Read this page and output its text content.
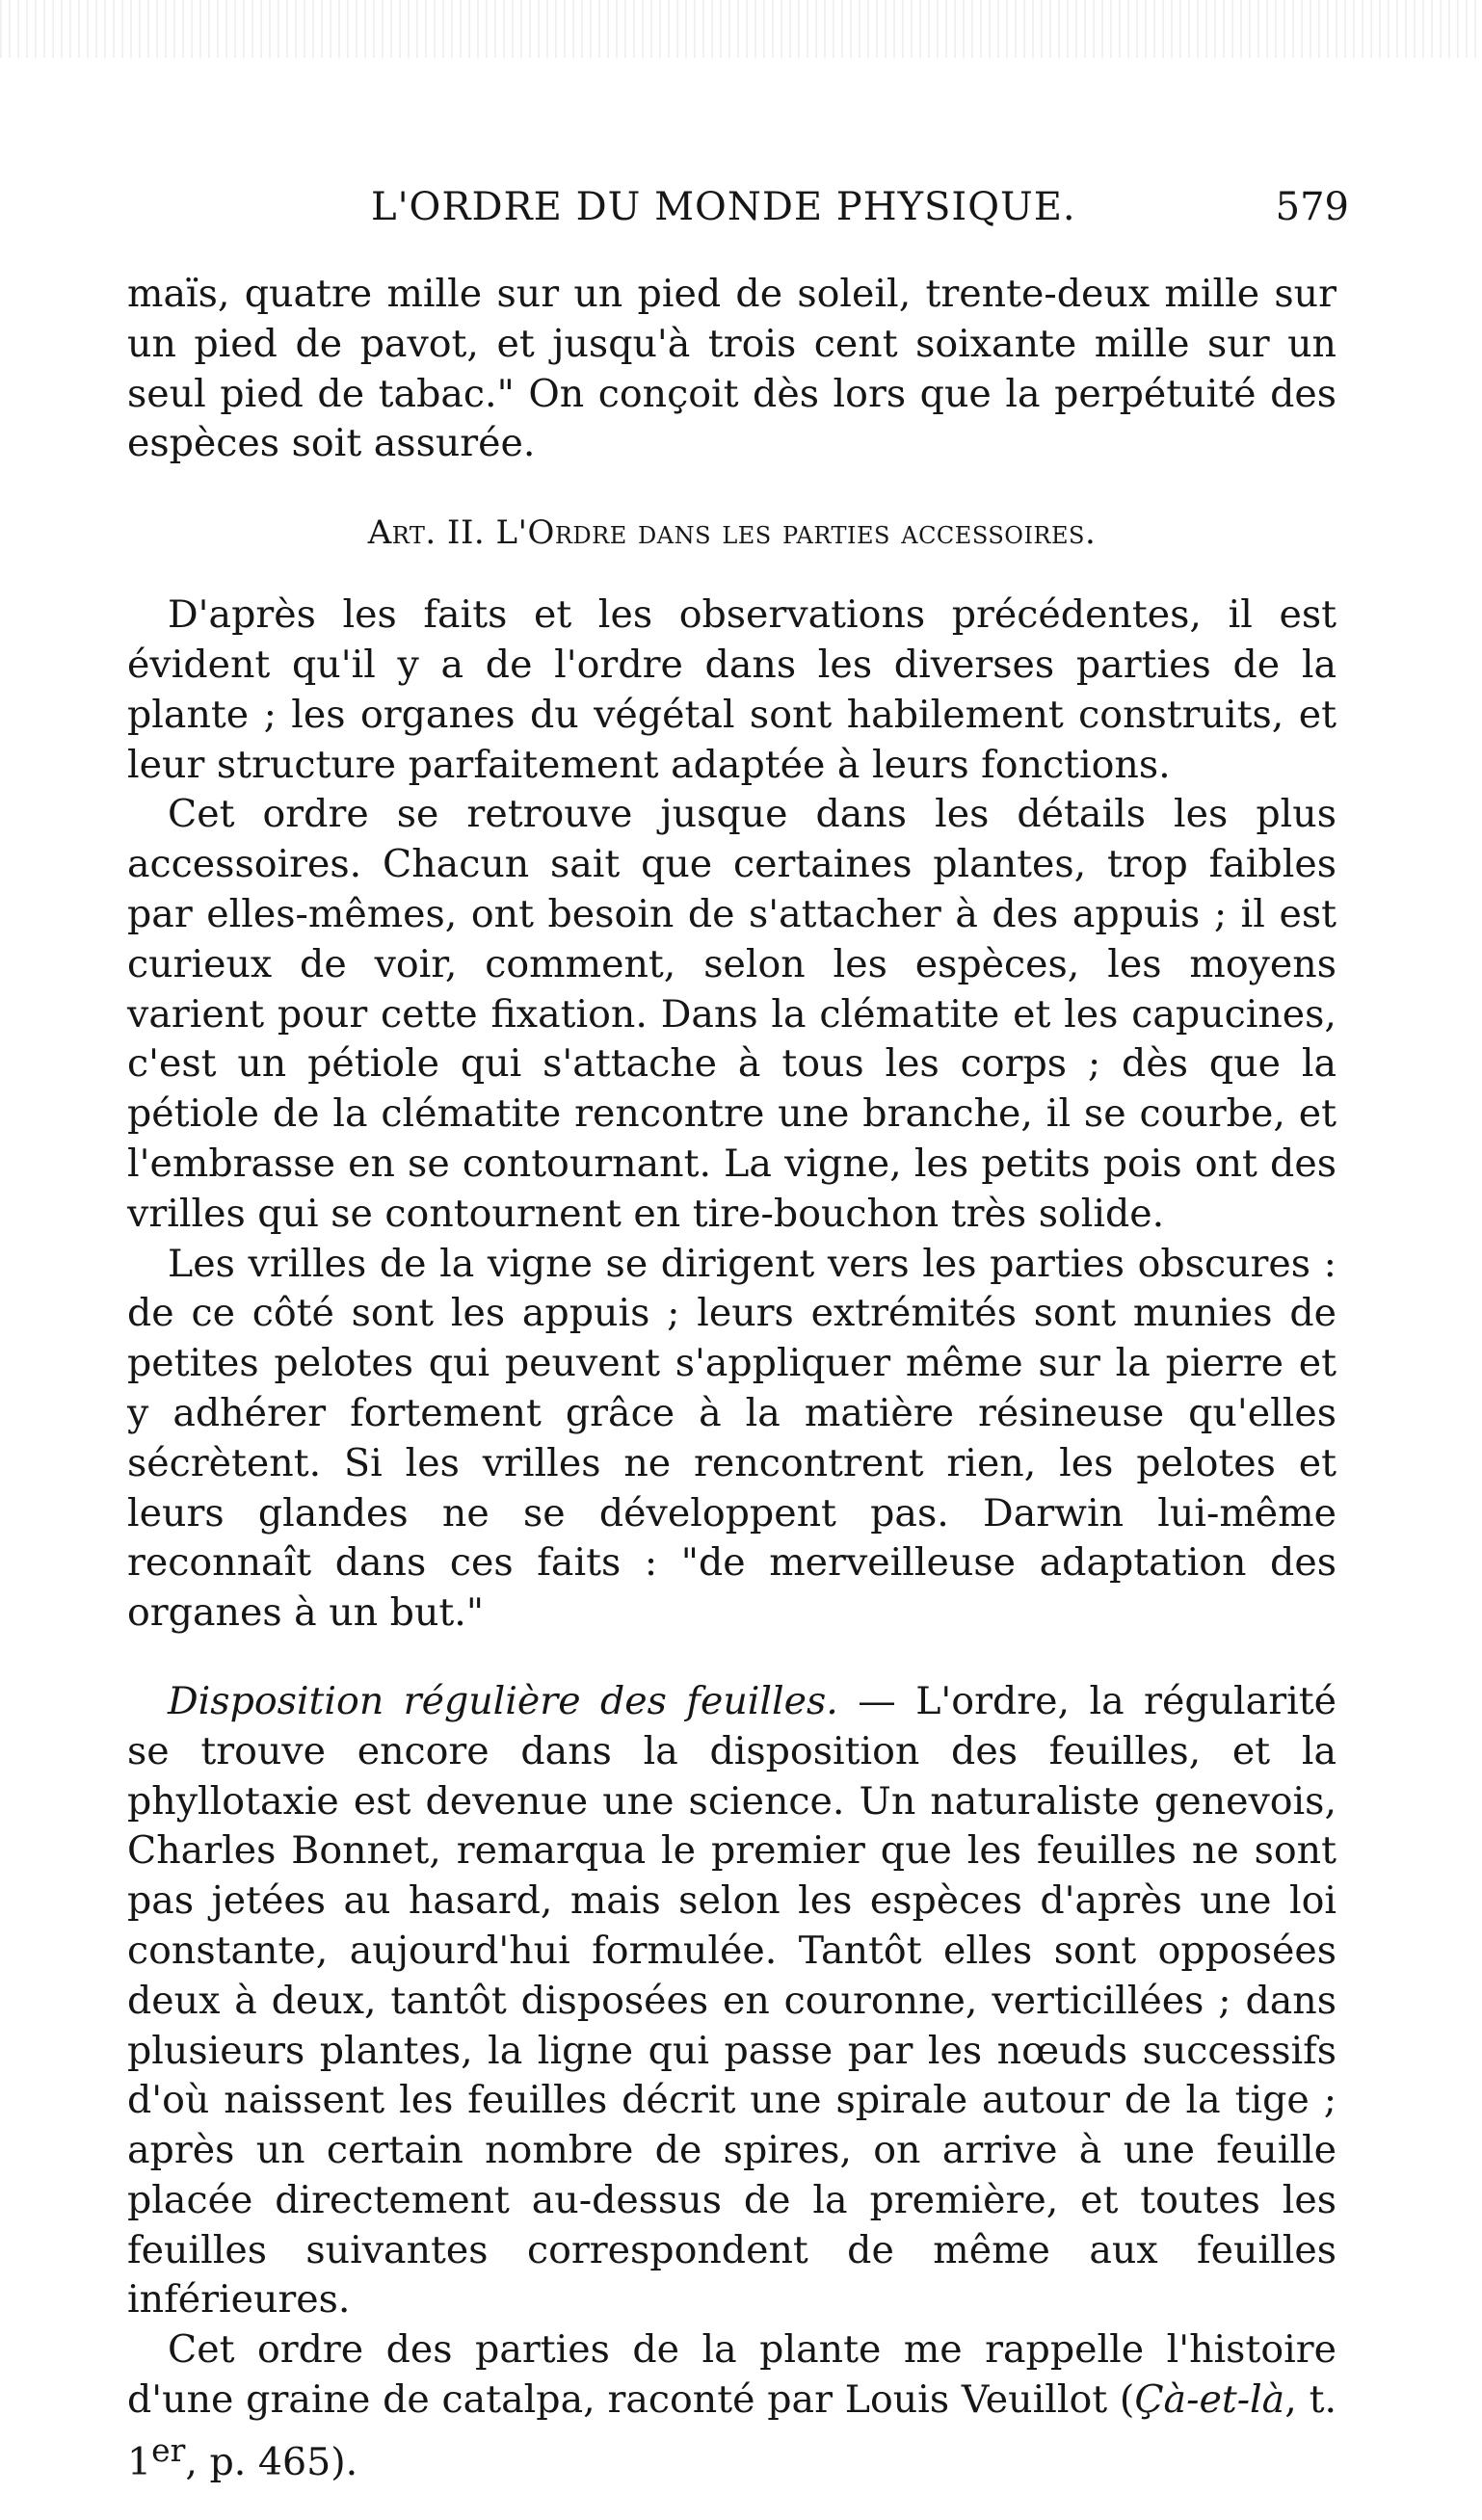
L'ORDRE DU MONDE PHYSIQUE.	579

maïs, quatre mille sur un pied de soleil, trente-deux mille sur un pied de pavot, et jusqu'à trois cent soixante mille sur un seul pied de tabac." On conçoit dès lors que la perpétuité des espèces soit assurée.

Art. II. L'Ordre dans les parties accessoires.

D'après les faits et les observations précédentes, il est évident qu'il y a de l'ordre dans les diverses parties de la plante ; les organes du végétal sont habilement construits, et leur structure parfaitement adaptée à leurs fonctions.

Cet ordre se retrouve jusque dans les détails les plus accessoires. Chacun sait que certaines plantes, trop faibles par elles-mêmes, ont besoin de s'attacher à des appuis ; il est curieux de voir, comment, selon les espèces, les moyens varient pour cette fixation. Dans la clématite et les capucines, c'est un pétiole qui s'attache à tous les corps ; dès que la pétiole de la clématite rencontre une branche, il se courbe, et l'embrasse en se contournant. La vigne, les petits pois ont des vrilles qui se contournent en tire-bouchon très solide.

Les vrilles de la vigne se dirigent vers les parties obscures : de ce côté sont les appuis ; leurs extrémités sont munies de petites pelotes qui peuvent s'appliquer même sur la pierre et y adhérer fortement grâce à la matière résineuse qu'elles sécrètent. Si les vrilles ne rencontrent rien, les pelotes et leurs glandes ne se développent pas. Darwin lui-même reconnaît dans ces faits : "de merveilleuse adaptation des organes à un but."

Disposition régulière des feuilles. — L'ordre, la régularité se trouve encore dans la disposition des feuilles, et la phyllotaxie est devenue une science. Un naturaliste genevois, Charles Bonnet, remarqua le premier que les feuilles ne sont pas jetées au hasard, mais selon les espèces d'après une loi constante, aujourd'hui formulée. Tantôt elles sont opposées deux à deux, tantôt disposées en couronne, verticillées ; dans plusieurs plantes, la ligne qui passe par les nœuds successifs d'où naissent les feuilles décrit une spirale autour de la tige ; après un certain nombre de spires, on arrive à une feuille placée directement au-dessus de la première, et toutes les feuilles suivantes correspondent de même aux feuilles inférieures.

Cet ordre des parties de la plante me rappelle l'histoire d'une graine de catalpa, raconté par Louis Veuillot (Çà-et-là, t. 1er, p. 465).
